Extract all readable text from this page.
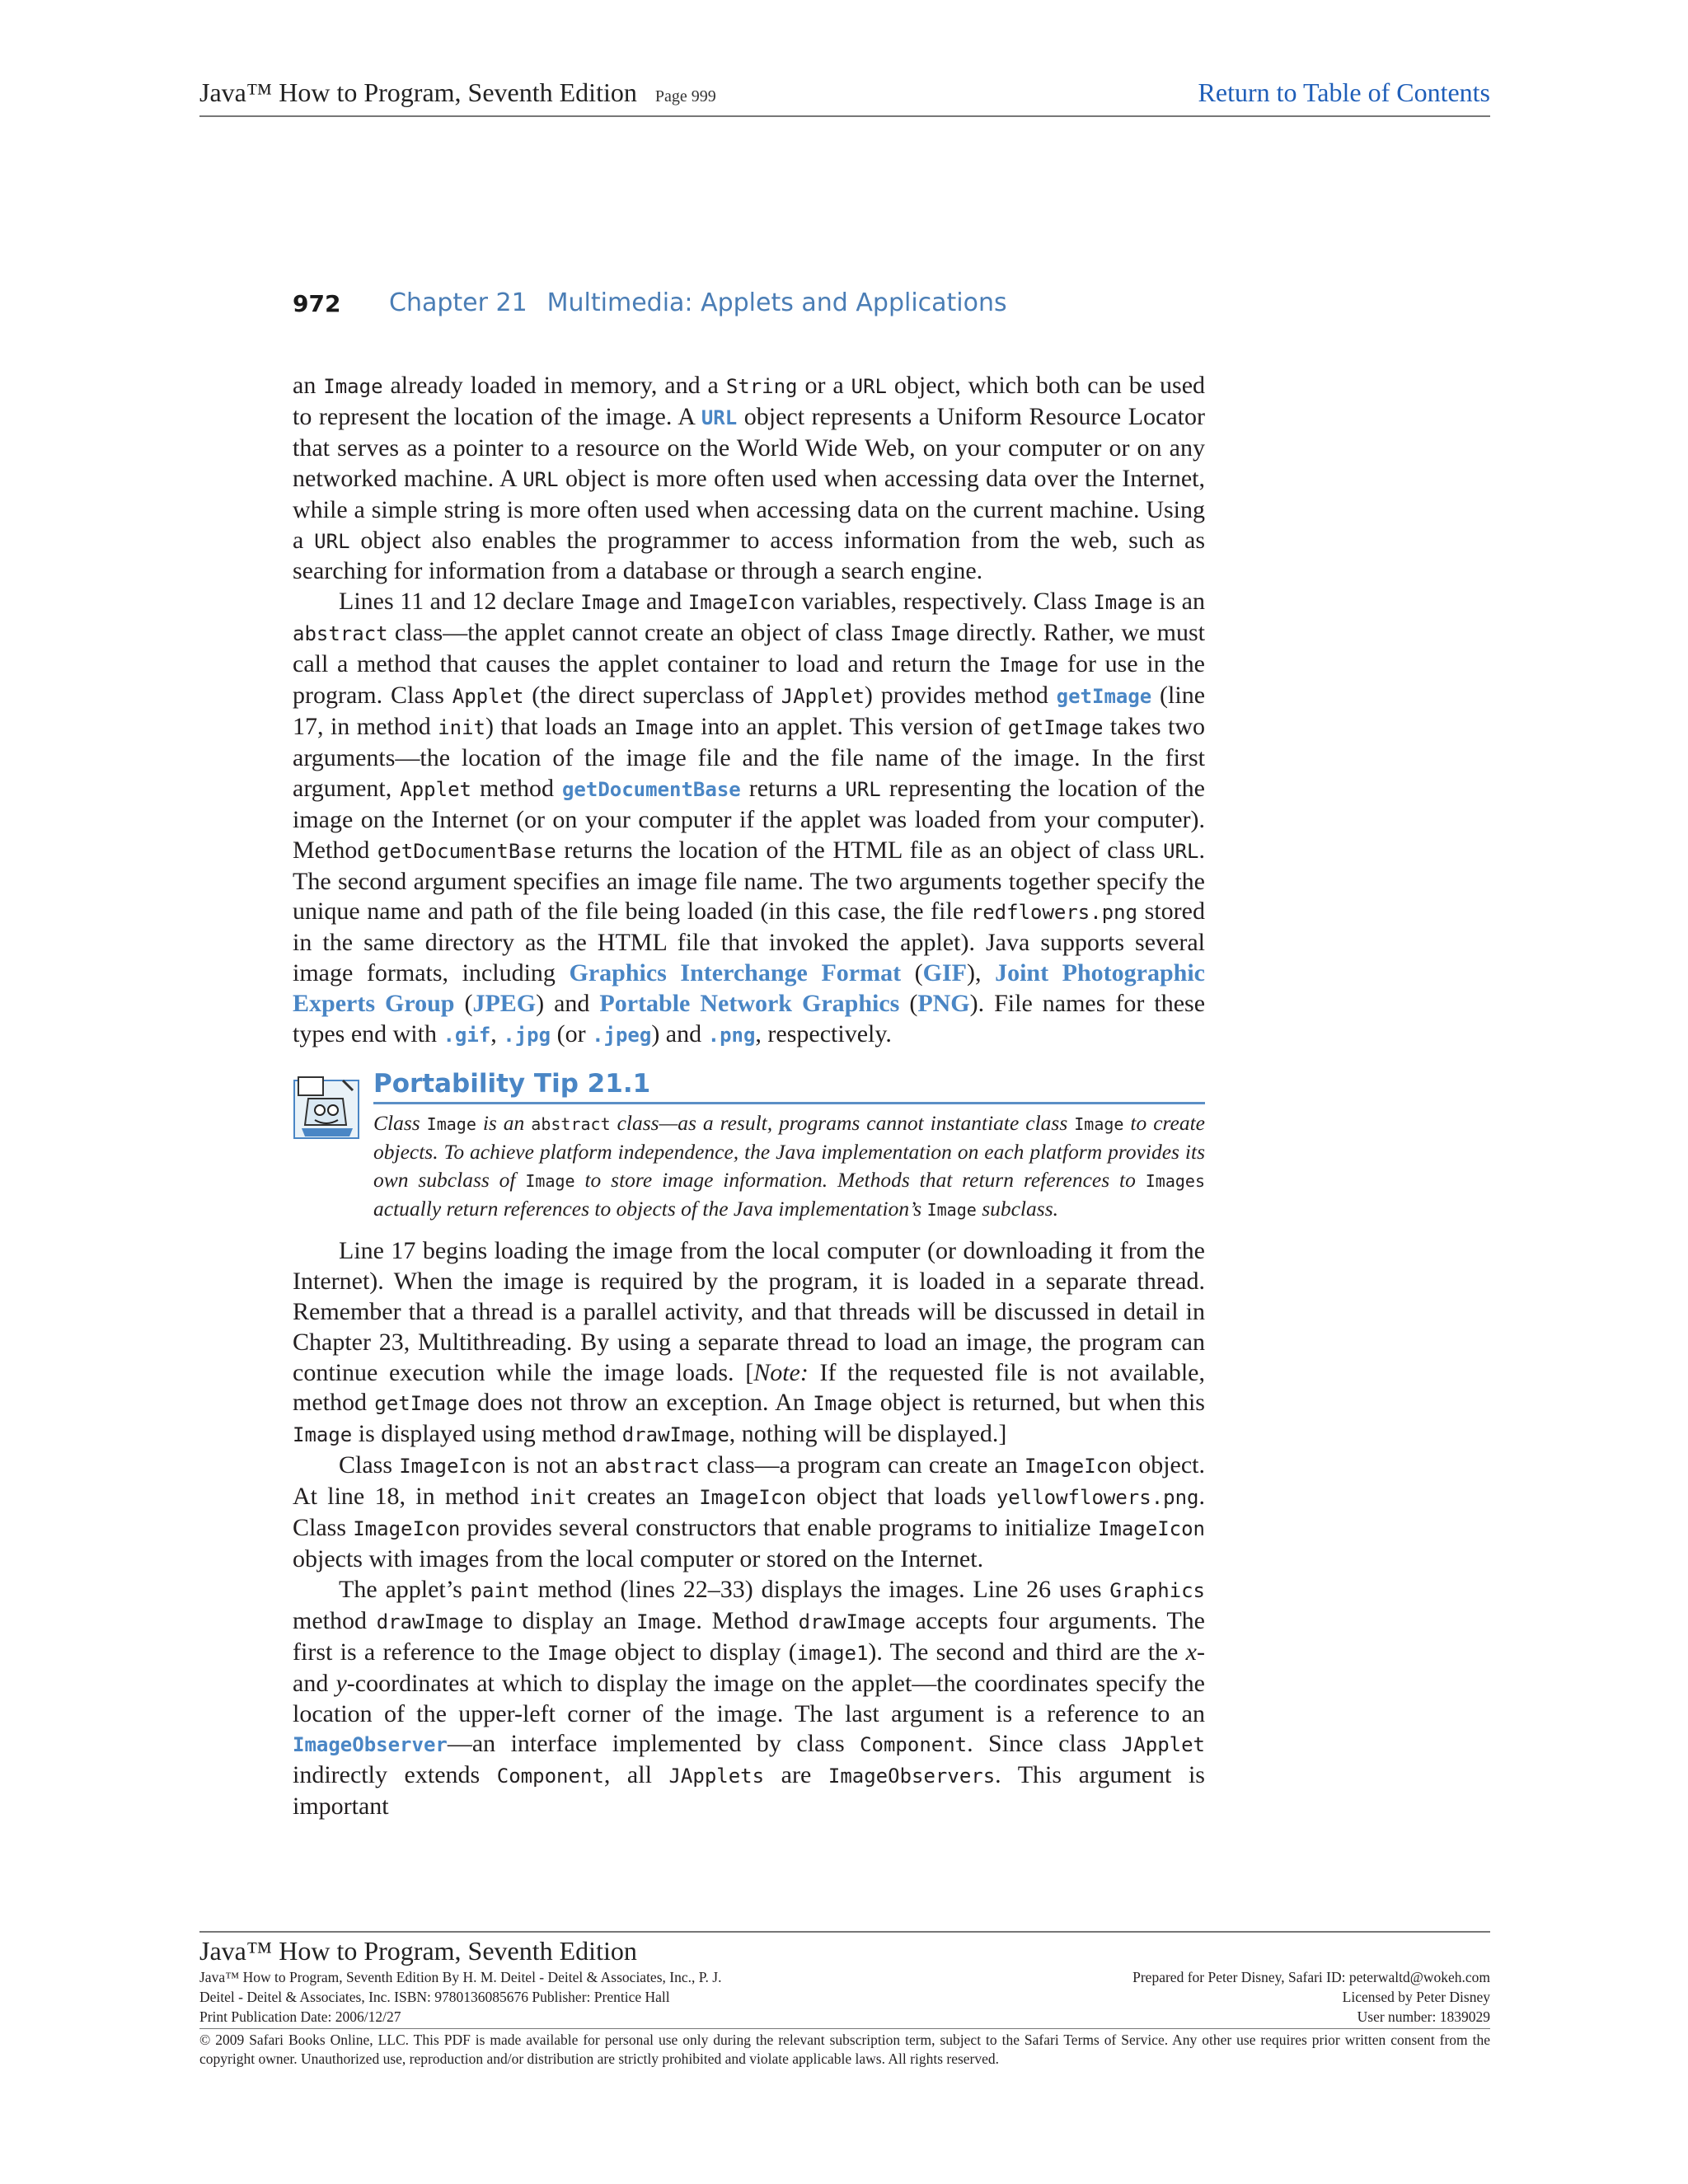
Java™ How to Program, Seventh Edition Page 999	Return to Table of Contents
972 Chapter 21 Multimedia: Applets and Applications

an Image already loaded in memory, and a String or a URL object, which both can be used to represent the location of the image. A URL object represents a Uniform Resource Locator that serves as a pointer to a resource on the World Wide Web, on your computer or on any networked machine. A URL object is more often used when accessing data over the Internet, while a simple string is more often used when accessing data on the current machine. Using a URL object also enables the programmer to access information from the web, such as searching for information from a database or through a search engine.

Lines 11 and 12 declare Image and ImageIcon variables, respectively. Class Image is an abstract class—the applet cannot create an object of class Image directly. Rather, we must call a method that causes the applet container to load and return the Image for use in the program. Class Applet (the direct superclass of JApplet) provides method getImage (line 17, in method init) that loads an Image into an applet. This version of getImage takes two arguments—the location of the image file and the file name of the image. In the first argument, Applet method getDocumentBase returns a URL representing the location of the image on the Internet (or on your computer if the applet was loaded from your computer). Method getDocumentBase returns the location of the HTML file as an object of class URL. The second argument specifies an image file name. The two arguments together specify the unique name and path of the file being loaded (in this case, the file redflowers.png stored in the same directory as the HTML file that invoked the applet). Java supports several image formats, including Graphics Interchange Format (GIF), Joint Photographic Experts Group (JPEG) and Portable Network Graphics (PNG). File names for these types end with .gif, .jpg (or .jpeg) and .png, respectively.

Portability Tip 21.1
Class Image is an abstract class—as a result, programs cannot instantiate class Image to create objects. To achieve platform independence, the Java implementation on each platform provides its own subclass of Image to store image information. Methods that return references to Images actually return references to objects of the Java implementation’s Image subclass.

Line 17 begins loading the image from the local computer (or downloading it from the Internet). When the image is required by the program, it is loaded in a separate thread. Remember that a thread is a parallel activity, and that threads will be discussed in detail in Chapter 23, Multithreading. By using a separate thread to load an image, the program can continue execution while the image loads. [Note: If the requested file is not available, method getImage does not throw an exception. An Image object is returned, but when this Image is displayed using method drawImage, nothing will be displayed.]

Class ImageIcon is not an abstract class—a program can create an ImageIcon object. At line 18, in method init creates an ImageIcon object that loads yellowflowers.png. Class ImageIcon provides several constructors that enable programs to initialize ImageIcon objects with images from the local computer or stored on the Internet.

The applet’s paint method (lines 22–33) displays the images. Line 26 uses Graphics method drawImage to display an Image. Method drawImage accepts four arguments. The first is a reference to the Image object to display (image1). The second and third are the x- and y-coordinates at which to display the image on the applet—the coordinates specify the location of the upper-left corner of the image. The last argument is a reference to an ImageObserver—an interface implemented by class Component. Since class JApplet indirectly extends Component, all JApplets are ImageObservers. This argument is important

Java™ How to Program, Seventh Edition
Java™ How to Program, Seventh Edition By H. M. Deitel - Deitel & Associates, Inc., P. J.
Deitel - Deitel & Associates, Inc. ISBN: 9780136085676 Publisher: Prentice Hall
Print Publication Date: 2006/12/27
Prepared for Peter Disney, Safari ID: peterwaltd@wokeh.com
Licensed by Peter Disney
User number: 1839029
© 2009 Safari Books Online, LLC. This PDF is made available for personal use only during the relevant subscription term, subject to the Safari Terms of Service. Any other use requires prior written consent from the copyright owner. Unauthorized use, reproduction and/or distribution are strictly prohibited and violate applicable laws. All rights reserved.
